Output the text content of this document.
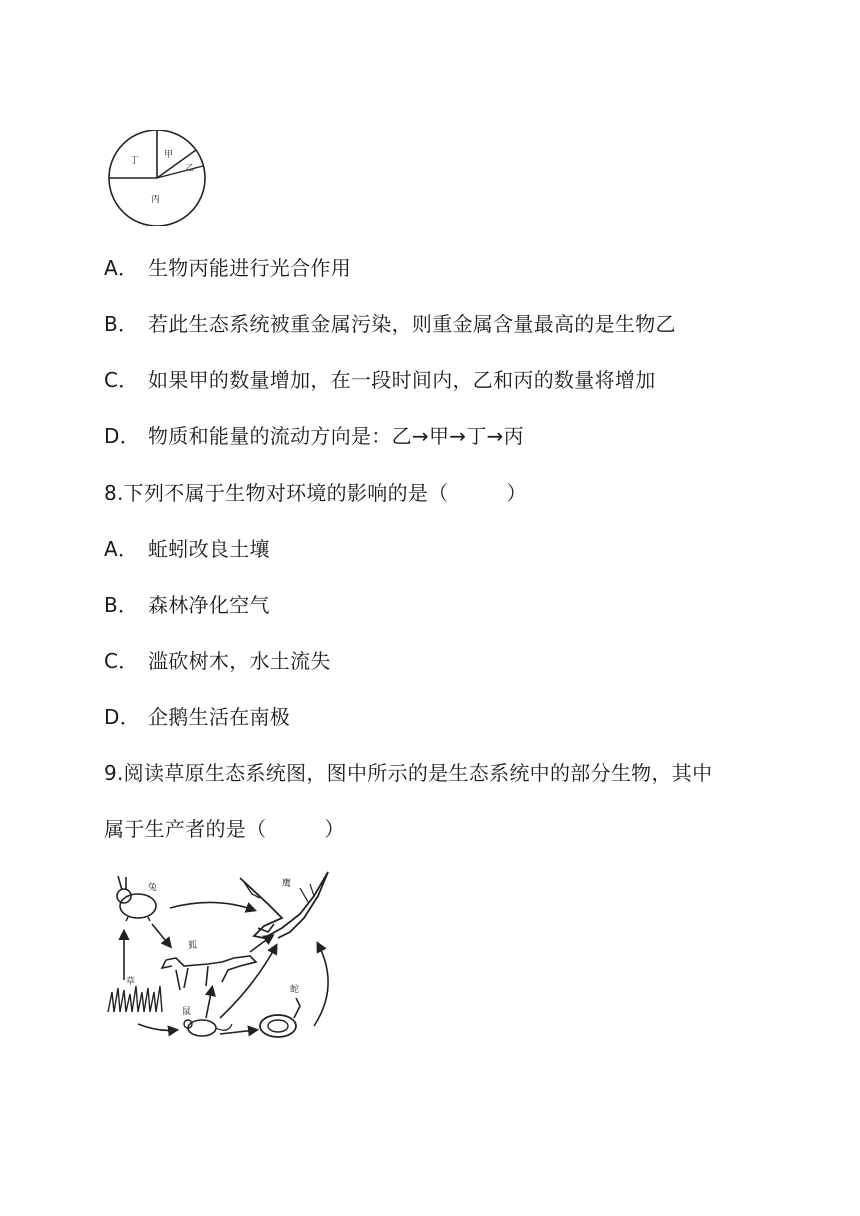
丁
甲
乙
丙
A． 生物丙能进行光合作用
B． 若此生态系统被重金属污染，则重金属含量最高的是生物乙
C． 如果甲的数量增加，在一段时间内，乙和丙的数量将增加
D． 物质和能量的流动方向是：乙→甲→丁→丙
8.下列不属于生物对环境的影响的是（	）
A． 蚯蚓改良土壤
B． 森林净化空气
C． 滥砍树木，水土流失
D． 企鹅生活在南极
9.阅读草原生态系统图，图中所示的是生态系统中的部分生物，其中
属于生产者的是（	）
兔	鹰
狐
草
鼠
蛇
